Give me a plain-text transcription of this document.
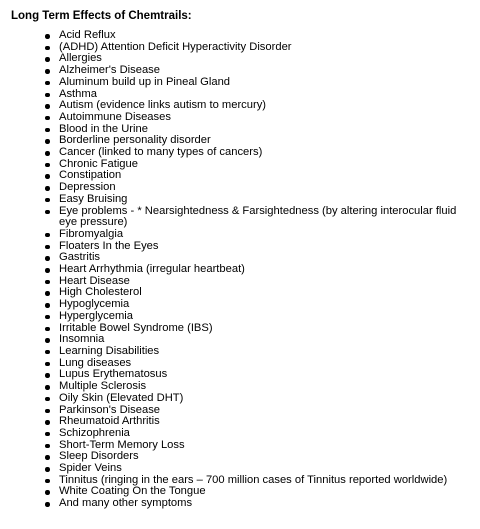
Long Term Effects of Chemtrails:
Acid Reflux
(ADHD) Attention Deficit Hyperactivity Disorder
Allergies
Alzheimer's Disease
Aluminum build up in Pineal Gland
Asthma
Autism (evidence links autism to mercury)
Autoimmune Diseases
Blood in the Urine
Borderline personality disorder
Cancer (linked to many types of cancers)
Chronic Fatigue
Constipation
Depression
Easy Bruising
Eye problems - * Nearsightedness & Farsightedness (by altering interocular fluid eye pressure)
Fibromyalgia
Floaters In the Eyes
Gastritis
Heart Arrhythmia (irregular heartbeat)
Heart Disease
High Cholesterol
Hypoglycemia
Hyperglycemia
Irritable Bowel Syndrome (IBS)
Insomnia
Learning Disabilities
Lung diseases
Lupus Erythematosus
Multiple Sclerosis
Oily Skin (Elevated DHT)
Parkinson's Disease
Rheumatoid Arthritis
Schizophrenia
Short-Term Memory Loss
Sleep Disorders
Spider Veins
Tinnitus (ringing in the ears – 700 million cases of Tinnitus reported worldwide)
White Coating On the Tongue
And many other symptoms
